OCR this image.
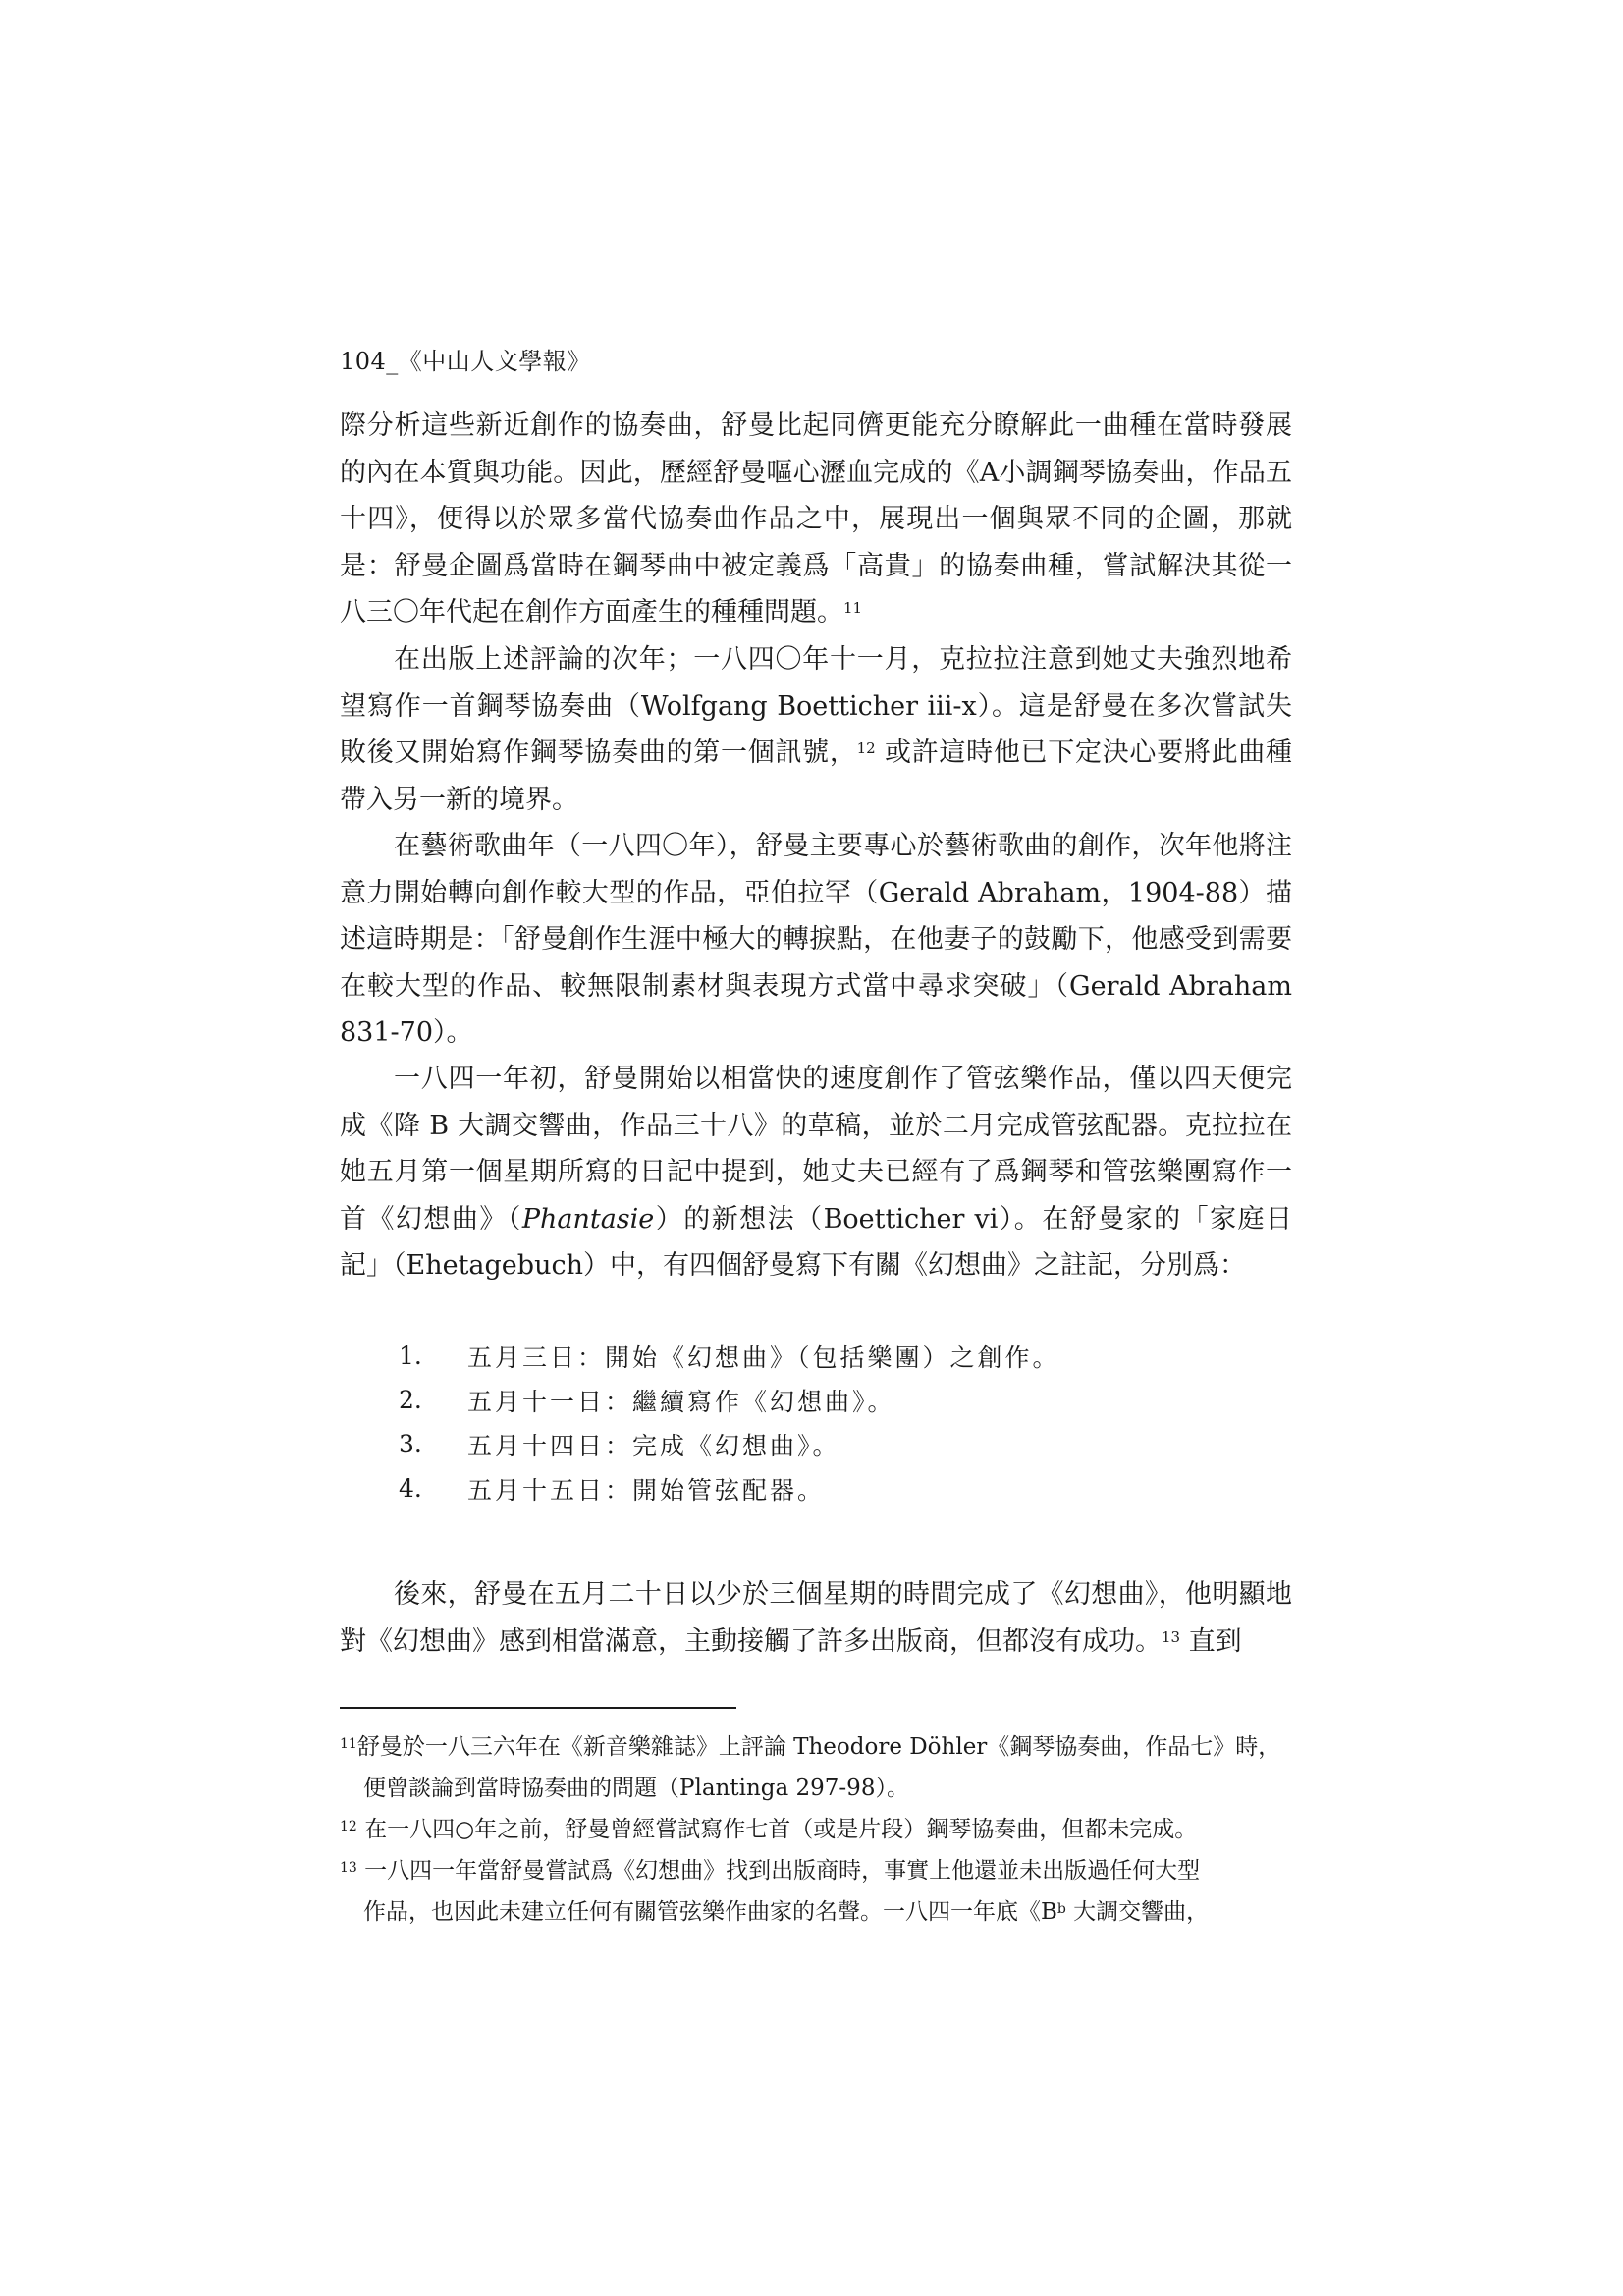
104_《中山人文學報》

際分析這些新近創作的協奏曲，舒曼比起同儕更能充分瞭解此一曲種在當時發展的內在本質與功能。因此，歷經舒曼嘔心瀝血完成的《A小調鋼琴協奏曲，作品五十四》，便得以於眾多當代協奏曲作品之中，展現出一個與眾不同的企圖，那就是：舒曼企圖爲當時在鋼琴曲中被定義爲「高貴」的協奏曲種，嘗試解決其從一八三〇年代起在創作方面產生的種種問題。$^{11}$

在出版上述評論的次年；一八四〇年十一月，克拉拉注意到她丈夫強烈地希望寫作一首鋼琴協奏曲（Wolfgang Boetticher iii-x）。這是舒曼在多次嘗試失敗後又開始寫作鋼琴協奏曲的第一個訊號，$^{12}$ 或許這時他已下定決心要將此曲種帶入另一新的境界。

在藝術歌曲年（一八四〇年），舒曼主要專心於藝術歌曲的創作，次年他將注意力開始轉向創作較大型的作品，亞伯拉罕（Gerald Abraham，1904-88）描述這時期是：「舒曼創作生涯中極大的轉捩點，在他妻子的鼓勵下，他感受到需要在較大型的作品、較無限制素材與表現方式當中尋求突破」（Gerald Abraham 831-70）。

一八四一年初，舒曼開始以相當快的速度創作了管弦樂作品，僅以四天便完成《降 B 大調交響曲，作品三十八》的草稿，並於二月完成管弦配器。克拉拉在她五月第一個星期所寫的日記中提到，她丈夫已經有了爲鋼琴和管弦樂團寫作一首《幻想曲》（Phantasie）的新想法（Boetticher vi）。在舒曼家的「家庭日記」（Ehetagebuch）中，有四個舒曼寫下有關《幻想曲》之註記，分別爲：

1.	五月三日：開始《幻想曲》（包括樂團）之創作。
2.	五月十一日：繼續寫作《幻想曲》。
3.	五月十四日：完成《幻想曲》。
4.	五月十五日：開始管弦配器。

後來，舒曼在五月二十日以少於三個星期的時間完成了《幻想曲》，他明顯地對《幻想曲》感到相當滿意，主動接觸了許多出版商，但都沒有成功。$^{13}$ 直到

$^{11}$舒曼於一八三六年在《新音樂雜誌》上評論 Theodore Döhler《鋼琴協奏曲，作品七》時，

便曾談論到當時協奏曲的問題（Plantinga 297-98）。

$^{12}$ 在一八四○年之前，舒曼曾經嘗試寫作七首（或是片段）鋼琴協奏曲，但都未完成。

$^{13}$ 一八四一年當舒曼嘗試爲《幻想曲》找到出版商時，事實上他還並未出版過任何大型

作品，也因此未建立任何有關管弦樂作曲家的名聲。一八四一年底《$B^b$ 大調交響曲，
